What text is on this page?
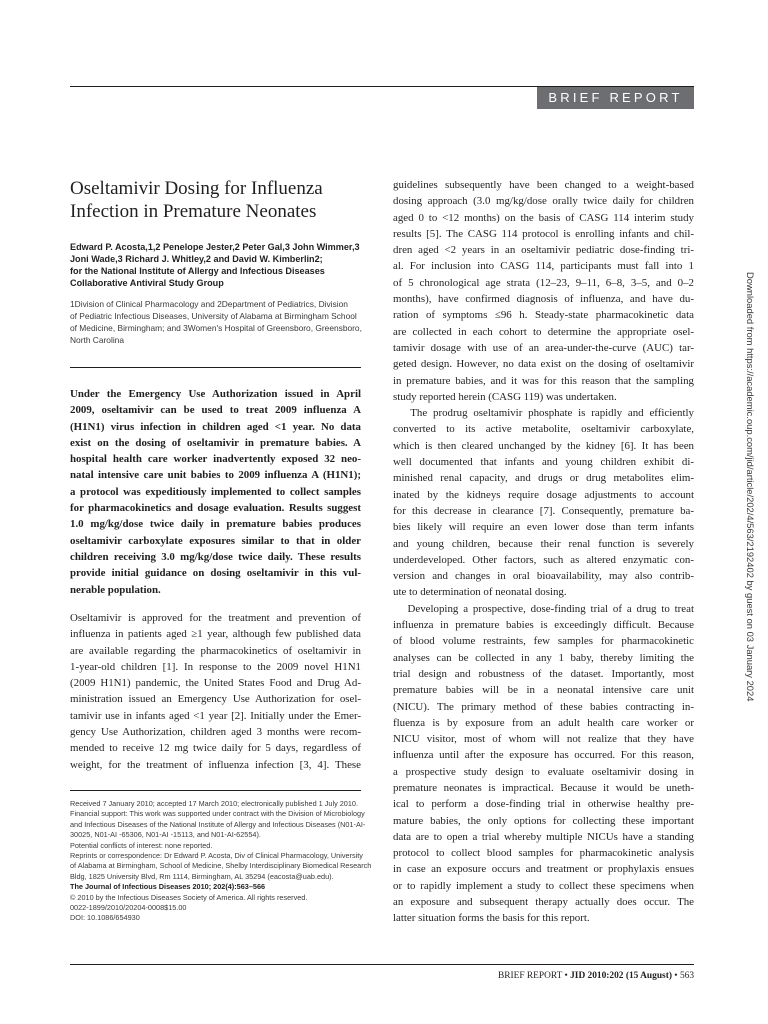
BRIEF REPORT
Oseltamivir Dosing for Influenza
Infection in Premature Neonates
Edward P. Acosta,1,2 Penelope Jester,2 Peter Gal,3 John Wimmer,3
Joni Wade,3 Richard J. Whitley,2 and David W. Kimberlin2;
for the National Institute of Allergy and Infectious Diseases
Collaborative Antiviral Study Group
1Division of Clinical Pharmacology and 2Department of Pediatrics, Division
of Pediatric Infectious Diseases, University of Alabama at Birmingham School
of Medicine, Birmingham; and 3Women's Hospital of Greensboro, Greensboro,
North Carolina
Under the Emergency Use Authorization issued in April
2009, oseltamivir can be used to treat 2009 influenza A
(H1N1) virus infection in children aged <1 year. No data
exist on the dosing of oseltamivir in premature babies. A
hospital health care worker inadvertently exposed 32 neo-
natal intensive care unit babies to 2009 influenza A (H1N1);
a protocol was expeditiously implemented to collect samples
for pharmacokinetics and dosage evaluation. Results suggest
1.0 mg/kg/dose twice daily in premature babies produces
oseltamivir carboxylate exposures similar to that in older
children receiving 3.0 mg/kg/dose twice daily. These results
provide initial guidance on dosing oseltamivir in this vul-
nerable population.
Oseltamivir is approved for the treatment and prevention of
influenza in patients aged ≥1 year, although few published data
are available regarding the pharmacokinetics of oseltamivir in
1-year-old children [1]. In response to the 2009 novel H1N1
(2009 H1N1) pandemic, the United States Food and Drug Ad-
ministration issued an Emergency Use Authorization for osel-
tamivir use in infants aged <1 year [2]. Initially under the Emer-
gency Use Authorization, children aged 3 months were recom-
mended to receive 12 mg twice daily for 5 days, regardless of
weight, for the treatment of influenza infection [3, 4]. These
Received 7 January 2010; accepted 17 March 2010; electronically published 1 July 2010.
Financial support: This work was supported under contract with the Division of Microbiology
and Infectious Diseases of the National Institute of Allergy and Infectious Diseases (N01-AI-
30025, N01-AI -65306, N01-AI -15113, and N01-AI-62554).
Potential conflicts of interest: none reported.
Reprints or correspondence: Dr Edward P. Acosta, Div of Clinical Pharmacology, University
of Alabama at Birmingham, School of Medicine, Shelby Interdisciplinary Biomedical Research
Bldg, 1825 University Blvd, Rm 1114, Birmingham, AL 35294 (eacosta@uab.edu).
The Journal of Infectious Diseases 2010; 202(4):563–566
© 2010 by the Infectious Diseases Society of America. All rights reserved.
0022-1899/2010/20204-0008$15.00
DOI: 10.1086/654930
guidelines subsequently have been changed to a weight-based
dosing approach (3.0 mg/kg/dose orally twice daily for children
aged 0 to <12 months) on the basis of CASG 114 interim study
results [5]. The CASG 114 protocol is enrolling infants and chil-
dren aged <2 years in an oseltamivir pediatric dose-finding tri-
al. For inclusion into CASG 114, participants must fall into 1
of 5 chronological age strata (12–23, 9–11, 6–8, 3–5, and 0–2
months), have confirmed diagnosis of influenza, and have du-
ration of symptoms ≤96 h. Steady-state pharmacokinetic data
are collected in each cohort to determine the appropriate osel-
tamivir dosage with use of an area-under-the-curve (AUC) tar-
geted design. However, no data exist on the dosing of oseltamivir
in premature babies, and it was for this reason that the sampling
study reported herein (CASG 119) was undertaken.
The prodrug oseltamivir phosphate is rapidly and efficiently
converted to its active metabolite, oseltamivir carboxylate,
which is then cleared unchanged by the kidney [6]. It has been
well documented that infants and young children exhibit di-
minished renal capacity, and drugs or drug metabolites elim-
inated by the kidneys require dosage adjustments to account
for this decrease in clearance [7]. Consequently, premature ba-
bies likely will require an even lower dose than term infants
and young children, because their renal function is severely
underdeveloped. Other factors, such as altered enzymatic con-
version and changes in oral bioavailability, may also contrib-
ute to determination of neonatal dosing.
Developing a prospective, dose-finding trial of a drug to treat
influenza in premature babies is exceedingly difficult. Because
of blood volume restraints, few samples for pharmacokinetic
analyses can be collected in any 1 baby, thereby limiting the
trial design and robustness of the dataset. Importantly, most
premature babies will be in a neonatal intensive care unit
(NICU). The primary method of these babies contracting in-
fluenza is by exposure from an adult health care worker or
NICU visitor, most of whom will not realize that they have
influenza until after the exposure has occurred. For this reason,
a prospective study design to evaluate oseltamivir dosing in
premature neonates is impractical. Because it would be uneth-
ical to perform a dose-finding trial in otherwise healthy pre-
mature babies, the only options for collecting these important
data are to open a trial whereby multiple NICUs have a standing
protocol to collect blood samples for pharmacokinetic analysis
in case an exposure occurs and treatment or prophylaxis ensues
or to rapidly implement a study to collect these specimens when
an exposure and subsequent therapy actually does occur. The
latter situation forms the basis for this report.
BRIEF REPORT • JID 2010:202 (15 August) • 563
Downloaded from https://academic.oup.com/jid/article/202/4/563/2192402 by guest on 03 January 2024
